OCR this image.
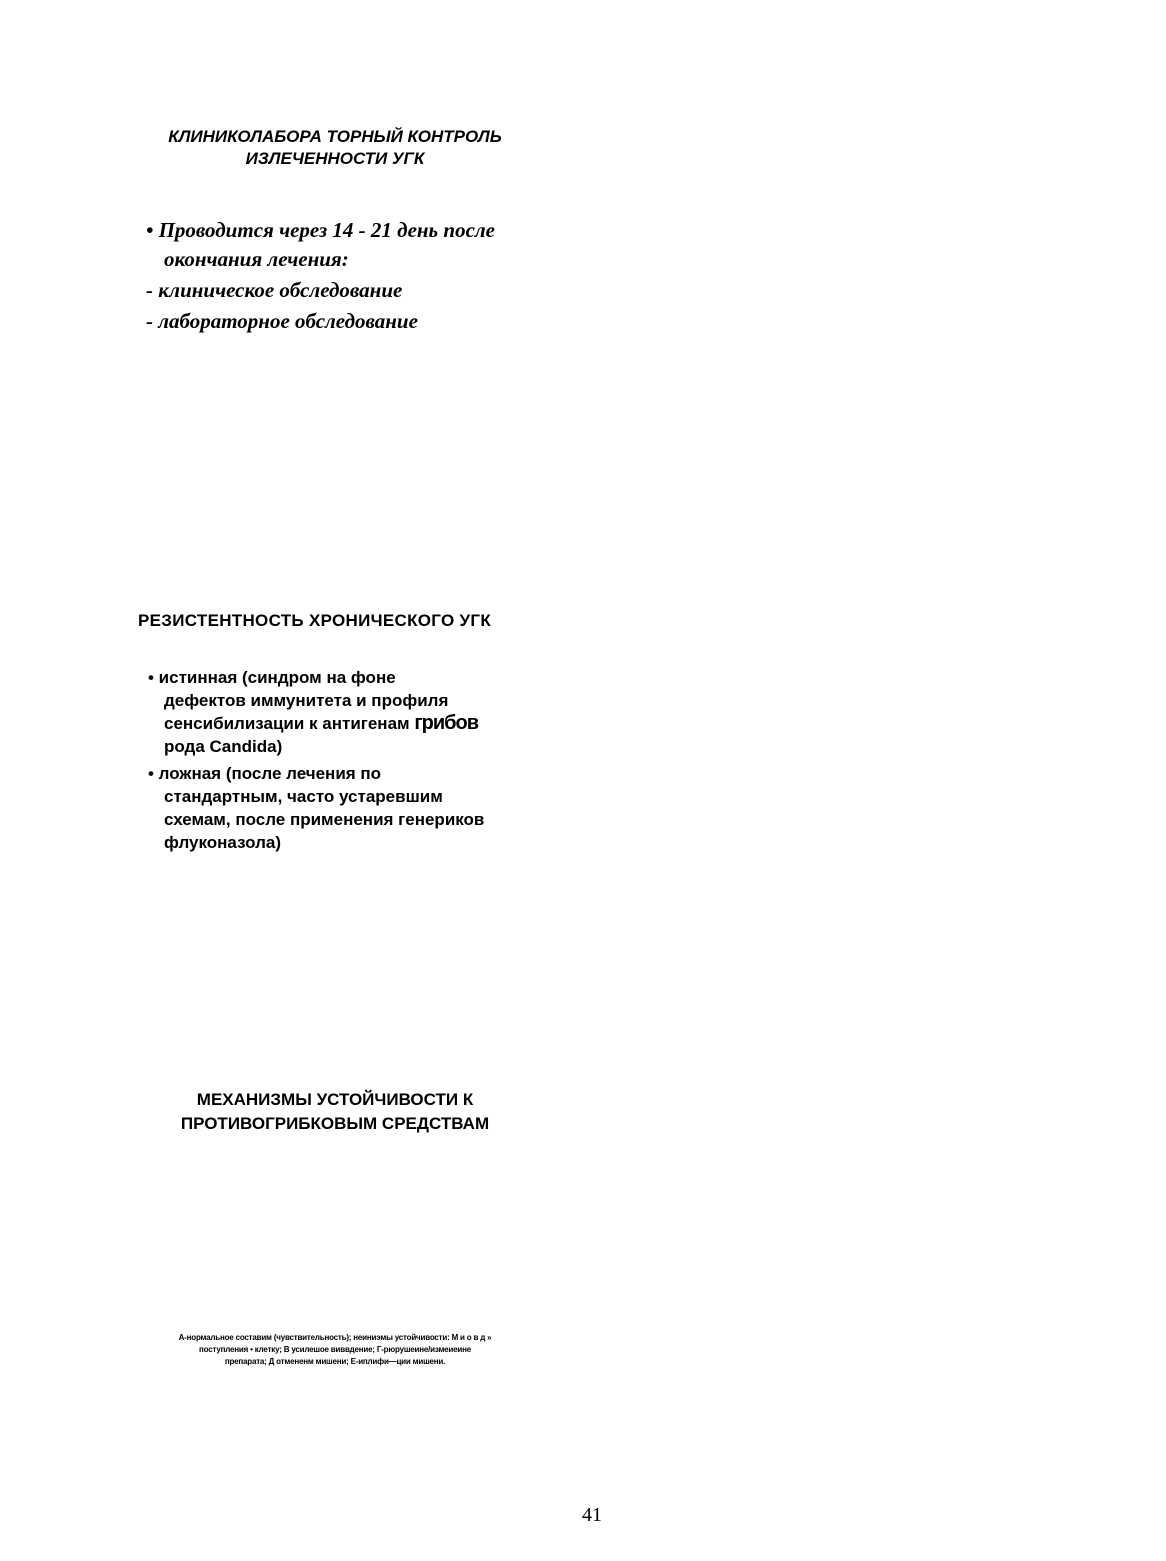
КЛИНИКОЛАБОРА ТОРНЫЙ КОНТРОЛЬ
ИЗЛЕЧЕННОСТИ УГК
• Проводится через 14 - 21 день после
окончания лечения:
- клиническое обследование
- лабораторное обследование
РЕЗИСТЕНТНОСТЬ ХРОНИЧЕСКОГО УГК
• истинная (синдром на фоне
дефектов иммунитета и профиля
сенсибилизации к антигенам грибов
рода Candida)
• ложная (после лечения по
стандартным, часто устаревшим
схемам, после применения генериков
флуконазола)
МЕХАНИЗМЫ УСТОЙЧИВОСТИ К
ПРОТИВОГРИБКОВЫМ СРЕДСТВАМ
А-нормальное составим (чувствительность); неиниэмы устойчивости: М и о в д »
поступления • клетку; В усилешое виввдение; Г-рюрушеине/измеиеине
препарата; Д отмененм мишени; Е-иплифи—ции мишени.
41
